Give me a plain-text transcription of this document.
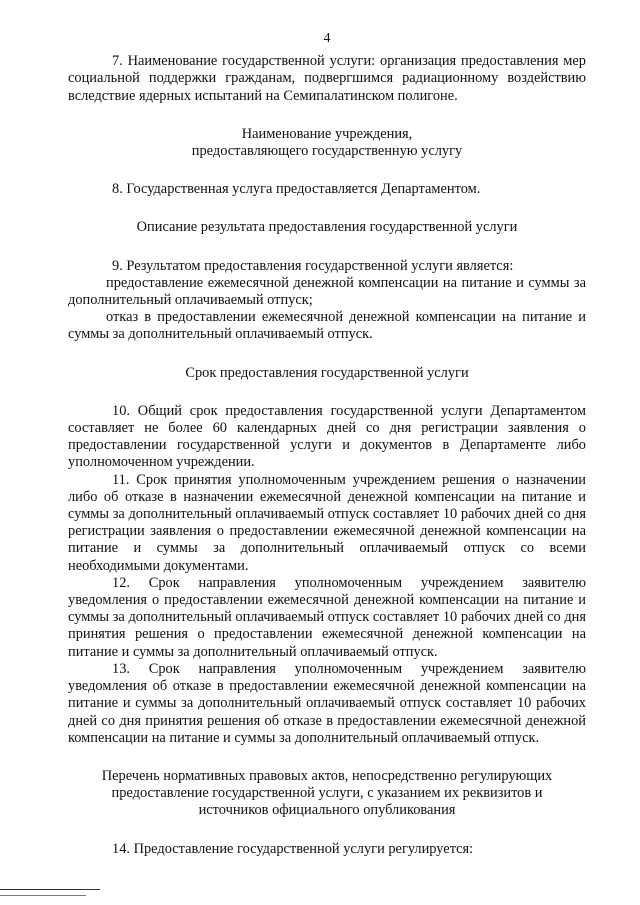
4

7. Наименование государственной услуги: организация предоставления мер социальной поддержки гражданам, подвергшимся радиационному воздействию вследствие ядерных испытаний на Семипалатинском полигоне.

Наименование учреждения,
предоставляющего государственную услугу

8. Государственная услуга предоставляется Департаментом.

Описание результата предоставления государственной услуги

9. Результатом предоставления государственной услуги является:

предоставление ежемесячной денежной компенсации на питание и суммы за дополнительный оплачиваемый отпуск;

отказ в предоставлении ежемесячной денежной компенсации на питание и суммы за дополнительный оплачиваемый отпуск.

Срок предоставления государственной услуги

10. Общий срок предоставления государственной услуги Департаментом составляет не более 60 календарных дней со дня регистрации заявления о предоставлении государственной услуги и документов в Департаменте либо уполномоченном учреждении.

11. Срок принятия уполномоченным учреждением решения о назначении либо об отказе в назначении ежемесячной денежной компенсации на питание и суммы за дополнительный оплачиваемый отпуск составляет 10 рабочих дней со дня регистрации заявления о предоставлении ежемесячной денежной компенсации на питание и суммы за дополнительный оплачиваемый отпуск со всеми необходимыми документами.

12. Срок направления уполномоченным учреждением заявителю уведомления о предоставлении ежемесячной денежной компенсации на питание и суммы за дополнительный оплачиваемый отпуск составляет 10 рабочих дней со дня принятия решения о предоставлении ежемесячной денежной компенсации на питание и суммы за дополнительный оплачиваемый отпуск.

13. Срок направления уполномоченным учреждением заявителю уведомления об отказе в предоставлении ежемесячной денежной компенсации на питание и суммы за дополнительный оплачиваемый отпуск составляет 10 рабочих дней со дня принятия решения об отказе в предоставлении ежемесячной денежной компенсации на питание и суммы за дополнительный оплачиваемый отпуск.

Перечень нормативных правовых актов, непосредственно регулирующих
предоставление государственной услуги, с указанием их реквизитов и
источников официального опубликования

14. Предоставление государственной услуги регулируется:
